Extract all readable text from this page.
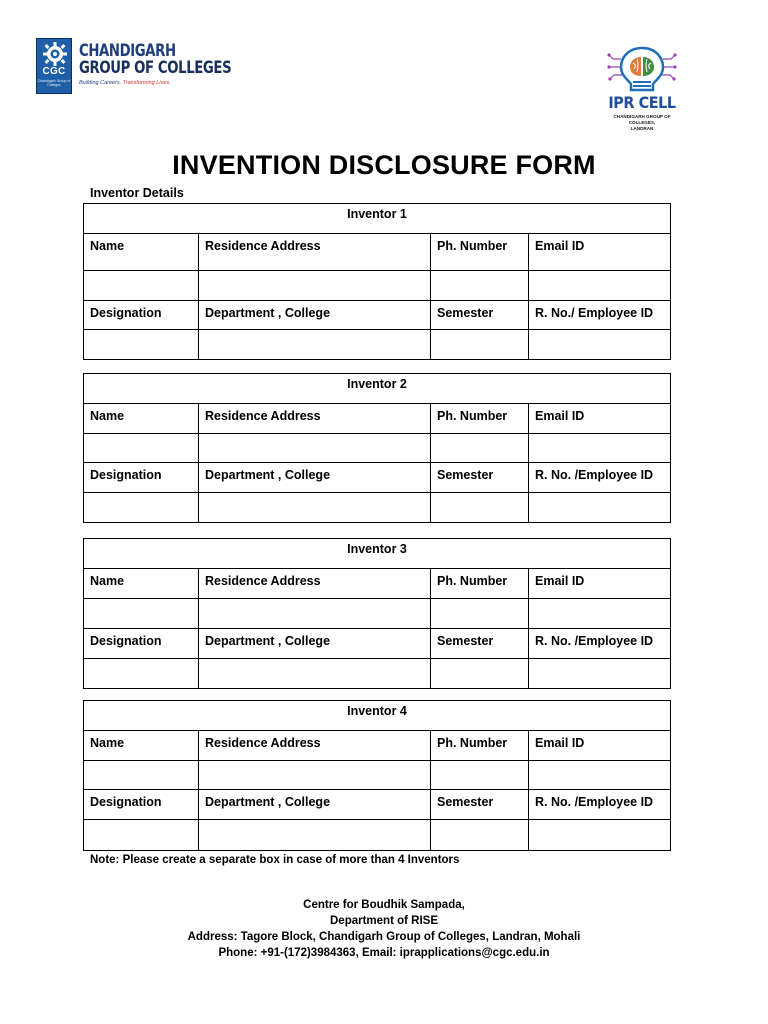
CGC
Chandigarh Group of Colleges
CHANDIGARH
GROUP OF COLLEGES
Building Careers. Transforming Lives.
IPR CELL
CHANDIGARH GROUP OF COLLEGES,
LANDRAN
INVENTION DISCLOSURE FORM
Inventor Details
Inventor 1			
Name	Residence Address	Ph. Number	Email ID

Designation	Department , College	Semester	R. No./ Employee ID

Inventor 2			
Name	Residence Address	Ph. Number	Email ID

Designation	Department , College	Semester	R. No. /Employee ID

Inventor 3			
Name	Residence Address	Ph. Number	Email ID

Designation	Department , College	Semester	R. No. /Employee ID

Inventor 4			
Name	Residence Address	Ph. Number	Email ID

Designation	Department , College	Semester	R. No. /Employee ID

Note: Please create a separate box in case of more than 4 Inventors
Centre for Boudhik Sampada,
Department of RISE
Address: Tagore Block, Chandigarh Group of Colleges, Landran, Mohali
Phone: +91-(172)3984363, Email: iprapplications@cgc.edu.in
